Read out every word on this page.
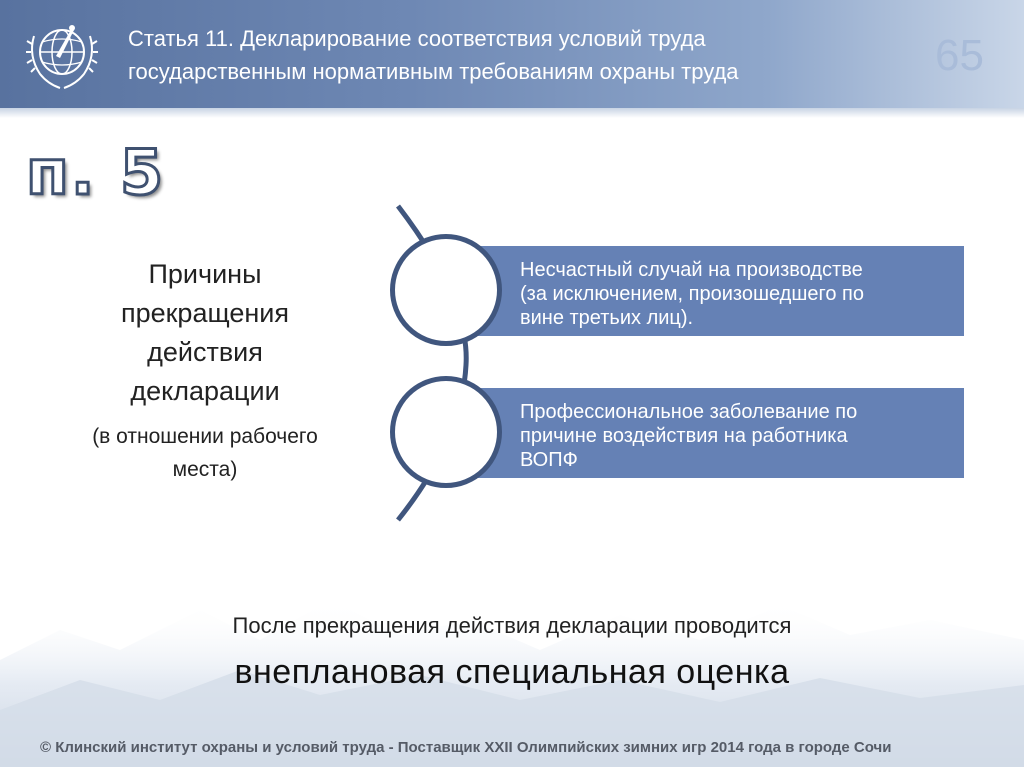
Статья 11. Декларирование соответствия условий труда
государственным нормативным требованиям охраны труда	65
п. 5
Причины
прекращения
действия
декларации
(в отношении рабочего
места)
Несчастный случай на производстве
(за исключением, произошедшего по
вине третьих лиц).
Профессиональное заболевание по
причине воздействия на работника
ВОПФ
После прекращения действия декларации проводится
внеплановая специальная оценка
© Клинский институт охраны и условий труда - Поставщик XXII Олимпийских зимних игр 2014 года в городе Сочи
